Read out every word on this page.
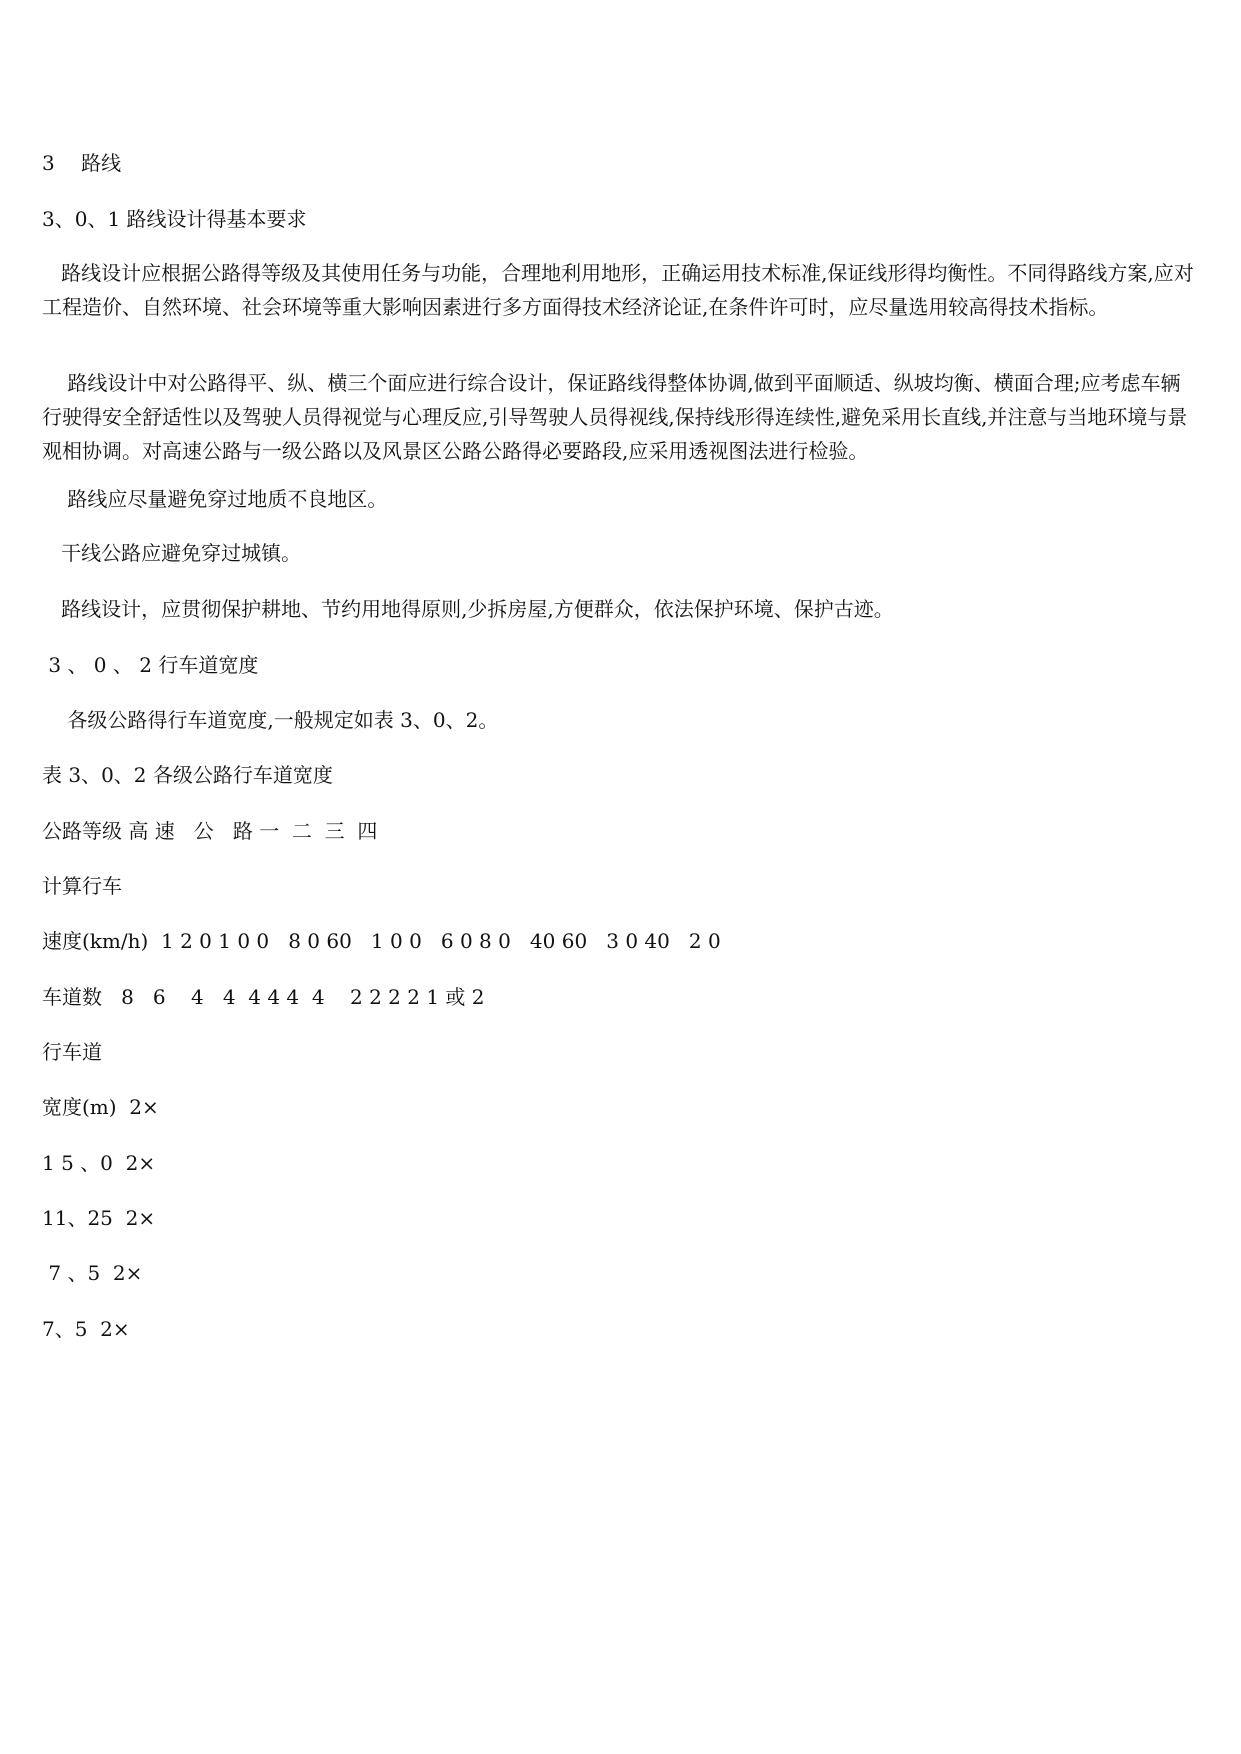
3　 路线
3、0、1 路线设计得基本要求
路线设计应根据公路得等级及其使用任务与功能，合理地利用地形，正确运用技术标准,保证线形得均衡性。不同得路线方案,应对工程造价、自然环境、社会环境等重大影响因素进行多方面得技术经济论证,在条件许可时，应尽量选用较高得技术指标。
路线设计中对公路得平、纵、横三个面应进行综合设计，保证路线得整体协调,做到平面顺适、纵坡均衡、横面合理;应考虑车辆行驶得安全舒适性以及驾驶人员得视觉与心理反应,引导驾驶人员得视线,保持线形得连续性,避免采用长直线,并注意与当地环境与景观相协调。对高速公路与一级公路以及风景区公路公路得必要路段,应采用透视图法进行检验。
路线应尽量避免穿过地质不良地区。
干线公路应避免穿过城镇。
路线设计，应贯彻保护耕地、节约用地得原则,少拆房屋,方便群众，依法保护环境、保护古迹。
3 、 0 、 2 行车道宽度
各级公路得行车道宽度,一般规定如表 3、0、2。
表 3、0、2 各级公路行车道宽度
公路等级 高 速   公   路 一  二  三  四
计算行车
速度(km/h)  1 2 0 1 0 0   8 0 60   1 0 0   6 0 8 0   40 60   3 0 40   2 0
车道数   8   6    4   4  4 4 4  4    2 2 2 2 1 或 2
行车道
宽度(m)  2×
1 5 、0  2×
11、25  2×
7 、5  2×
7、5  2×
